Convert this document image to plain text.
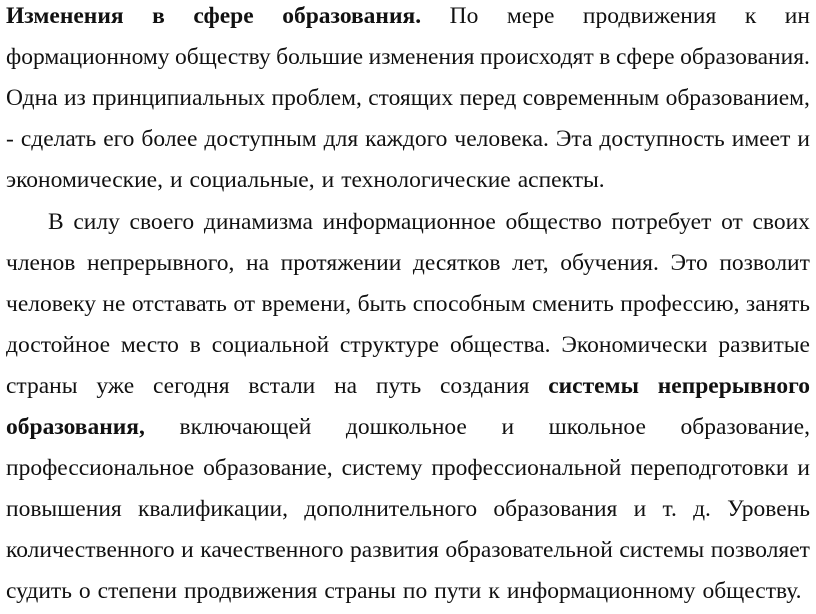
Изменения в сфере образования. По мере продвижения к ин
формационному обществу большие изменения происходят в сфере образования.
Одна из принципиальных проблем, стоящих перед современным образованием,
- сделать его более доступным для каждого человека. Эта доступность имеет и
экономические, и социальные, и технологические аспекты.
В силу своего динамизма информационное общество потребует от своих
членов непрерывного, на протяжении десятков лет, обучения. Это позволит
человеку не отставать от времени, быть способным сменить профессию, занять
достойное место в социальной структуре общества. Экономически развитые
страны уже сегодня встали на путь создания системы непрерывного
образования, включающей дошкольное и школьное образование,
профессиональное образование, систему профессиональной переподготовки и
повышения квалификации, дополнительного образования и т. д. Уровень
количественного и качественного развития образовательной системы позволяет
судить о степени продвижения страны по пути к информационному обществу.
